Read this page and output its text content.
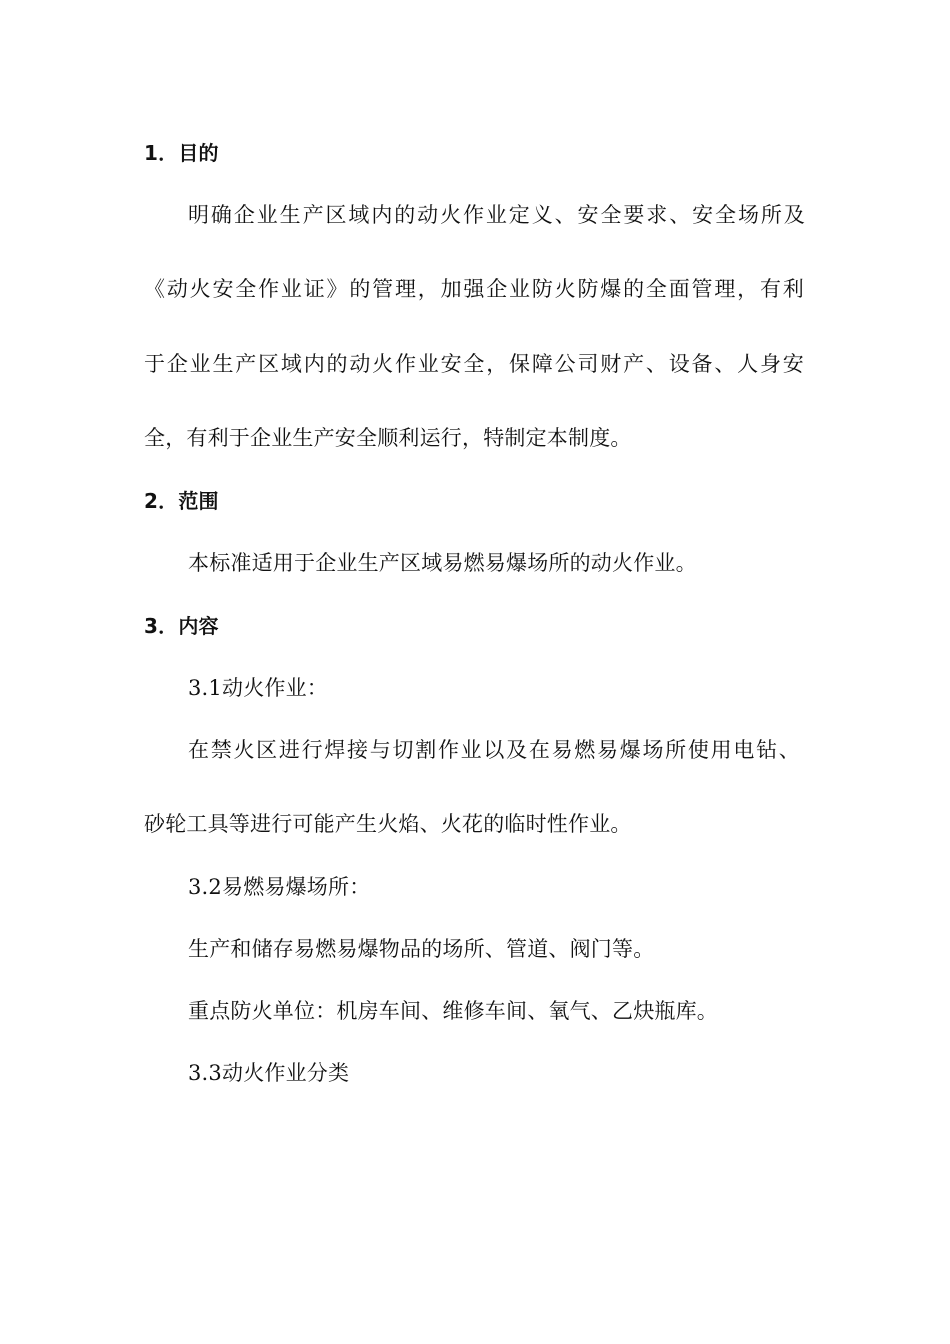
1．目的
明确企业生产区域内的动火作业定义、安全要求、安全场所及
《动火安全作业证》的管理，加强企业防火防爆的全面管理，有利
于企业生产区域内的动火作业安全，保障公司财产、设备、人身安
全，有利于企业生产安全顺利运行，特制定本制度。
2．范围
本标准适用于企业生产区域易燃易爆场所的动火作业。
3．内容
3.1动火作业：
在禁火区进行焊接与切割作业以及在易燃易爆场所使用电钻、
砂轮工具等进行可能产生火焰、火花的临时性作业。
3.2易燃易爆场所：
生产和储存易燃易爆物品的场所、管道、阀门等。
重点防火单位：机房车间、维修车间、氧气、乙炔瓶库。
3.3动火作业分类
